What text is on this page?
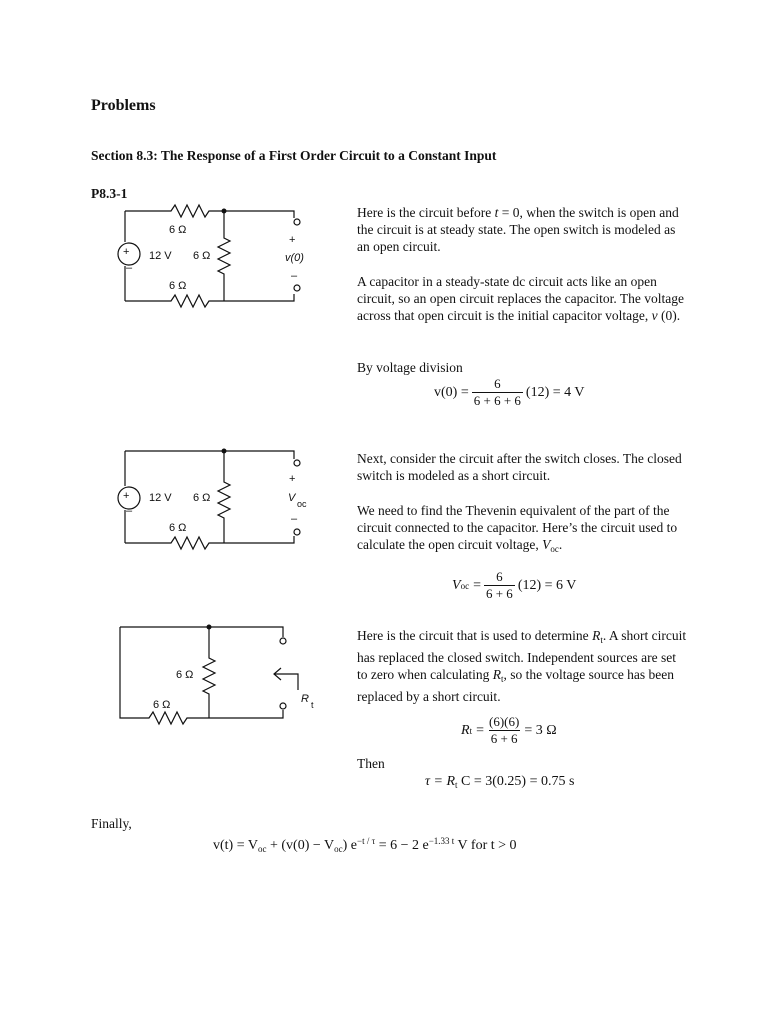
Problems
Section 8.3: The Response of a First Order Circuit to a Constant Input
P8.3-1
+
–
12 V
6 Ω
6 Ω
6 Ω
+
v(0)
–
Here is the circuit before t = 0, when the switch is open and the circuit is at steady state. The open switch is modeled as an open circuit.
A capacitor in a steady-state dc circuit acts like an open circuit, so an open circuit replaces the capacitor. The voltage across that open circuit is the initial capacitor voltage, v (0).
By voltage division
$v(0) = \frac{6}{6 + 6 + 6} (12) = 4$ V
+
–
12 V 6 Ω
6 Ω
+
V oc
–
Next, consider the circuit after the switch closes. The closed switch is modeled as a short circuit.
We need to find the Thevenin equivalent of the part of the circuit connected to the capacitor. Here’s the circuit used to calculate the open circuit voltage, $V_{oc}$.
V oc = $\frac{6}{6 + 6} (12) = 6$ V
6 Ω
6 Ω	R t
Here is the circuit that is used to determine $R_t$. A short circuit has replaced the closed switch. Independent sources are set to zero when calculating $R_t$, so the voltage source has been replaced by a short circuit.
R $t = \frac{(6)(6)}{6 + 6} = 3$ Ω
Then
$\tau = R_t$ C = 3(0.25) = 0.75 s
Finally,
$v(t) = V_{oc} + (v(0) - V_{oc}) e^{-t / \tau} = 6 - 2$ $e^{-1.33 t}$ V for t > 0
